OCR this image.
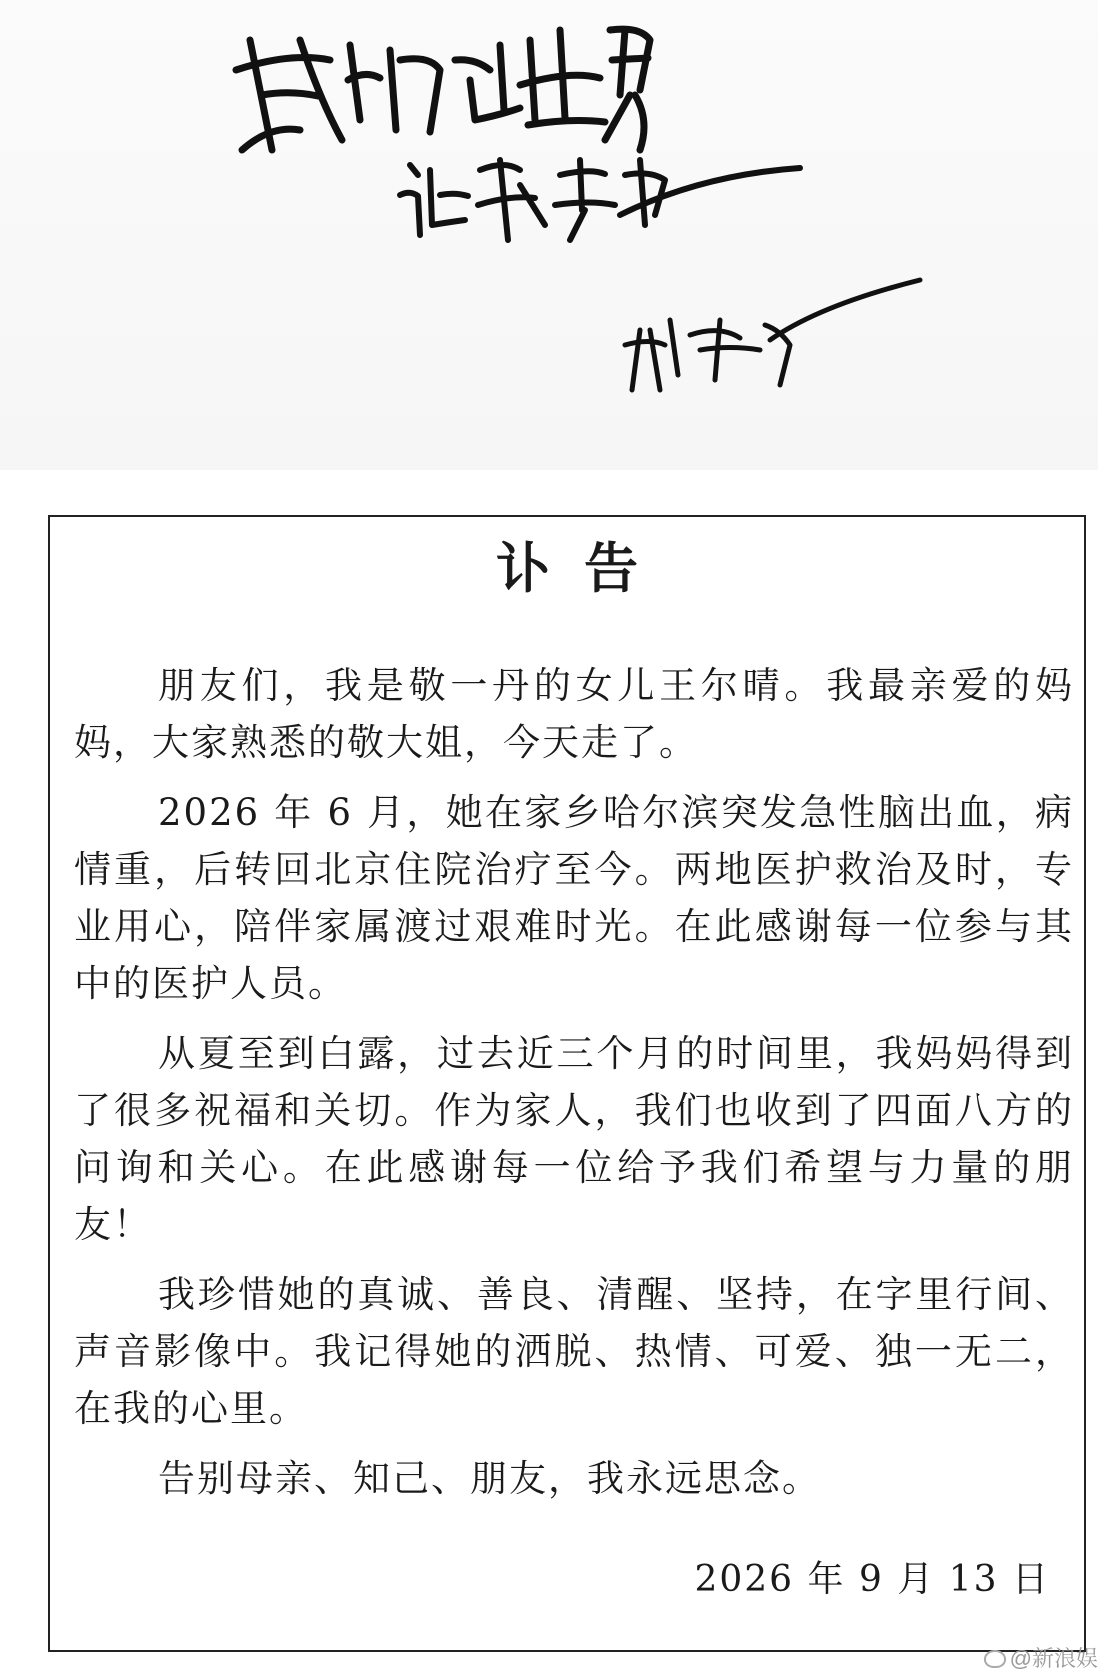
讣告

朋友们，我是敬一丹的女儿王尔晴。我最亲爱的妈妈，大家熟悉的敬大姐，今天走了。

2026 年 6 月，她在家乡哈尔滨突发急性脑出血，病情重，后转回北京住院治疗至今。两地医护救治及时，专业用心，陪伴家属渡过艰难时光。在此感谢每一位参与其中的医护人员。

从夏至到白露，过去近三个月的时间里，我妈妈得到了很多祝福和关切。作为家人，我们也收到了四面八方的问询和关心。在此感谢每一位给予我们希望与力量的朋友！

我珍惜她的真诚、善良、清醒、坚持，在字里行间、声音影像中。我记得她的洒脱、热情、可爱、独一无二，在我的心里。

告别母亲、知己、朋友，我永远思念。

2026 年 9 月 13 日
@新浪娱
